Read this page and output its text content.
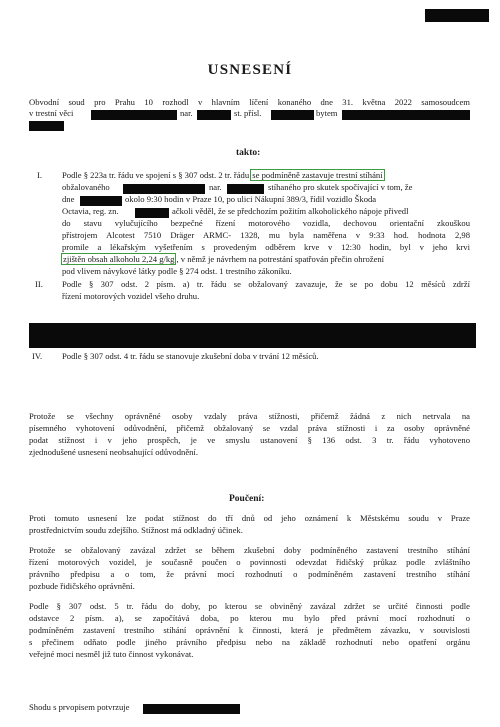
USNESENÍ
Obvodní soud pro Prahu 10 rozhodl v hlavním líčení konaného dne 31. května 2022 samosoudcem
v trestní věci	nar.	st. přísl.	bytem
takto:
I. Podle § 223a tr. řádu ve spojení s § 307 odst. 2 tr. řádu se podmíněně zastavuje trestní stíhání
obžalovaného	nar.	stíhaného pro skutek spočívající v tom, že
dne	okolo 9:30 hodin v Praze 10, po ulici Nákupní 389/3, řídil vozidlo Škoda
Octavia, reg. zn.	ačkoli věděl, že se předchozím požitím alkoholického nápoje přivedl
do stavu vylučujícího bezpečné řízení motorového vozidla, dechovou orientační zkouškou
přístrojem Alcotest 7510 Dräger ARMC- 1328, mu byla naměřena v 9:33 hod. hodnota 2,98
promile a lékařským vyšetřením s provedeným odběrem krve v 12:30 hodin, byl v jeho krvi
zjištěn obsah alkoholu 2,24 g/kg , v němž je návrhem na potrestání spatřován přečin ohrožení
pod vlivem návykové látky podle § 274 odst. 1 trestního zákoníku.
II. Podle § 307 odst. 2 písm. a) tr. řádu se obžalovaný zavazuje, že se po dobu 12 měsíců zdrží
řízení motorových vozidel všeho druhu.
IV. Podle § 307 odst. 4 tr. řádu se stanovuje zkušební doba v trvání 12 měsíců.
Protože se všechny oprávněné osoby vzdaly práva stížnosti, přičemž žádná z nich netrvala na
písemného vyhotovení odůvodnění, přičemž obžalovaný se vzdal práva stížnosti i za osoby oprávněné
podat stížnost i v jeho prospěch, je ve smyslu ustanovení § 136 odst. 3 tr. řádu vyhotoveno
zjednodušené usnesení neobsahující odůvodnění.
Poučení:
Proti tomuto usnesení lze podat stížnost do tří dnů od jeho oznámení k Městskému soudu v Praze
prostřednictvím soudu zdejšího. Stížnost má odkladný účinek.
Protože se obžalovaný zavázal zdržet se během zkušební doby podmíněného zastavení trestního stíhání
řízení motorových vozidel, je současně poučen o povinnosti odevzdat řidičský průkaz podle zvláštního
právního předpisu a o tom, že právní mocí rozhodnutí o podmíněném zastavení trestního stíhání
pozbude řidičského oprávnění.
Podle § 307 odst. 5 tr. řádu do doby, po kterou se obviněný zavázal zdržet se určité činnosti podle
odstavce 2 písm. a), se započítává doba, po kterou mu bylo před právní mocí rozhodnutí o
podmíněném zastavení trestního stíhání oprávnění k činnosti, která je předmětem závazku, v souvislosti
s přečinem odňato podle jiného právního předpisu nebo na základě rozhodnutí nebo opatření orgánu
veřejné moci nesměl již tuto činnost vykonávat.
Shodu s prvopisem potvrzuje
